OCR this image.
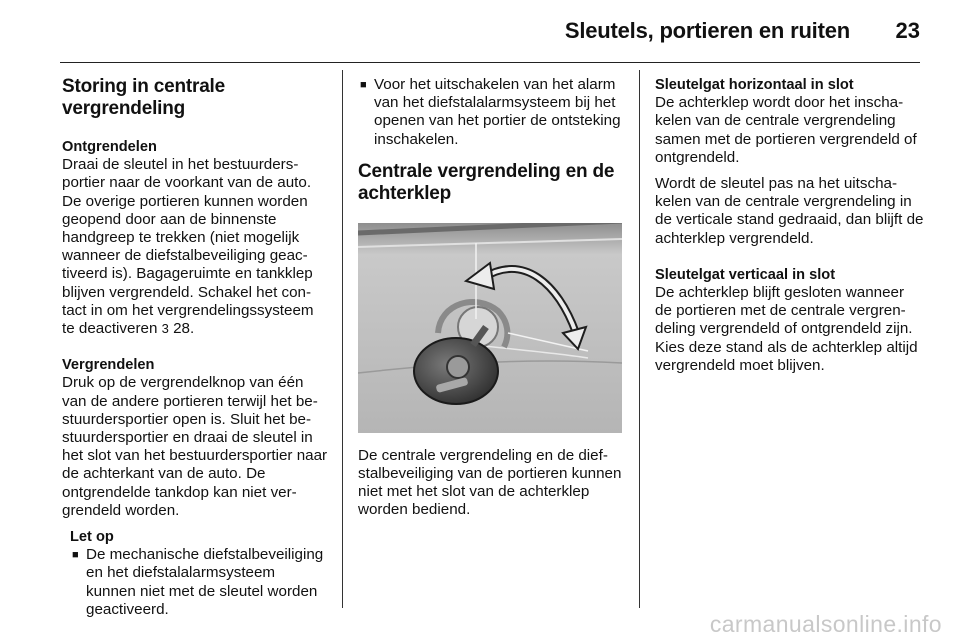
Sleutels, portieren en ruiten 23
Storing in centrale vergrendeling
Ontgrendelen

Draai de sleutel in het bestuurdersportier naar de voorkant van de auto. De overige portieren kunnen worden geopend door aan de binnenste handgreep te trekken (niet mogelijk wanneer de diefstalbeveiliging geactiveerd is). Bagageruimte en tankklep blijven vergrendeld. Schakel het contact in om het vergrendelingssysteem te deactiveren 3 28.

Vergrendelen

Druk op de vergrendelknop van één van de andere portieren terwijl het bestuurdersportier open is. Sluit het bestuurdersportier en draai de sleutel in het slot van het bestuurdersportier naar de achterkant van de auto. De ontgrendelde tankdop kan niet vergrendeld worden.

Let op
■ De mechanische diefstalbeveiliging en het diefstalalarmsysteem kunnen niet met de sleutel worden geactiveerd.
■ Voor het uitschakelen van het alarm van het diefstalalarmsysteem bij het openen van het portier de ontsteking inschakelen.
Centrale vergrendeling en de achterklep

De centrale vergrendeling en de diefstalbeveiliging van de portieren kunnen niet met het slot van de achterklep worden bediend.

Sleutelgat horizontaal in slot

De achterklep wordt door het inschakelen van de centrale vergrendeling samen met de portieren vergrendeld of ontgrendeld.

Wordt de sleutel pas na het uitschakelen van de centrale vergrendeling in de verticale stand gedraaid, dan blijft de achterklep vergrendeld.

Sleutelgat verticaal in slot

De achterklep blijft gesloten wanneer de portieren met de centrale vergrendeling vergrendeld of ontgrendeld zijn. Kies deze stand als de achterklep altijd vergrendeld moet blijven.

carmanualsonline.info
